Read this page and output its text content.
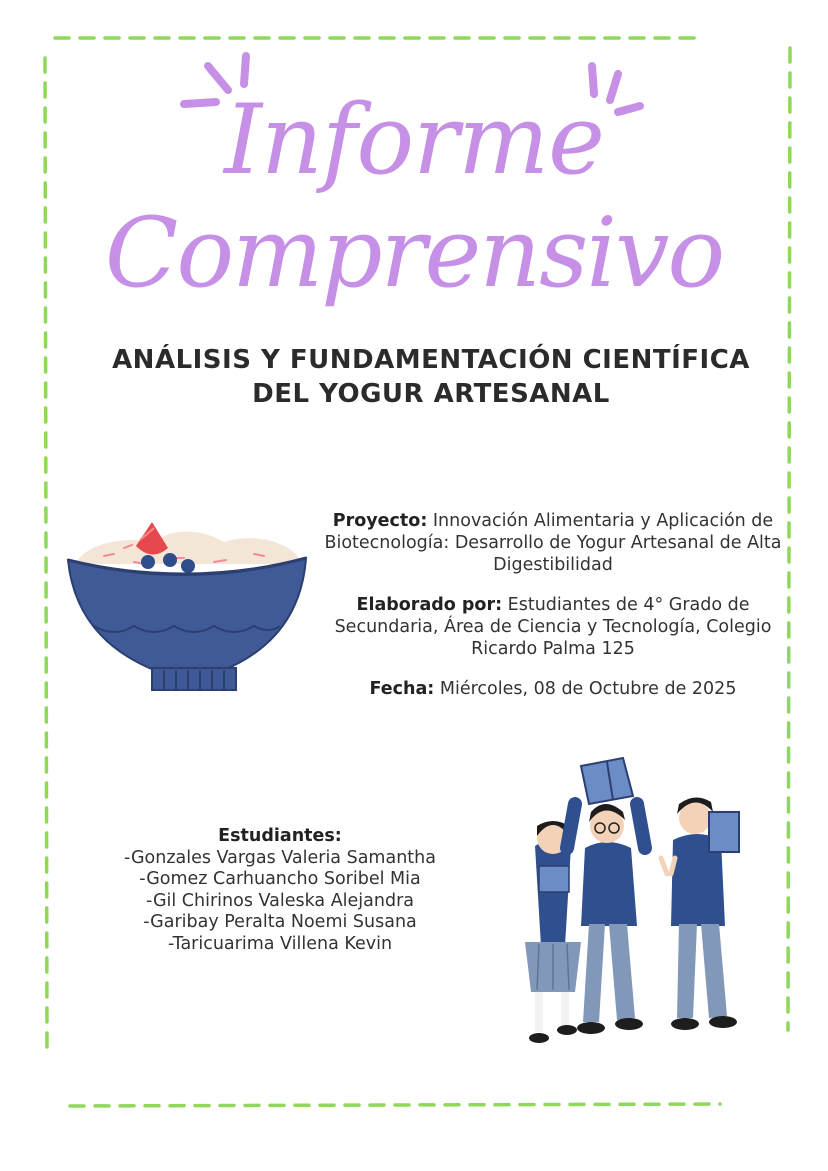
Informe
Comprensivo
ANÁLISIS Y FUNDAMENTACIÓN CIENTÍFICA
DEL YOGUR ARTESANAL
Proyecto: Innovación Alimentaria y Aplicación de Biotecnología: Desarrollo de Yogur Artesanal de Alta Digestibilidad
Elaborado por: Estudiantes de 4° Grado de Secundaria, Área de Ciencia y Tecnología, Colegio Ricardo Palma 125
Fecha: Miércoles, 08 de Octubre de 2025
Estudiantes:
-Gonzales Vargas Valeria Samantha
-Gomez Carhuancho Soribel Mia
-Gil Chirinos Valeska Alejandra
-Garibay Peralta Noemi Susana
-Taricuarima Villena Kevin
